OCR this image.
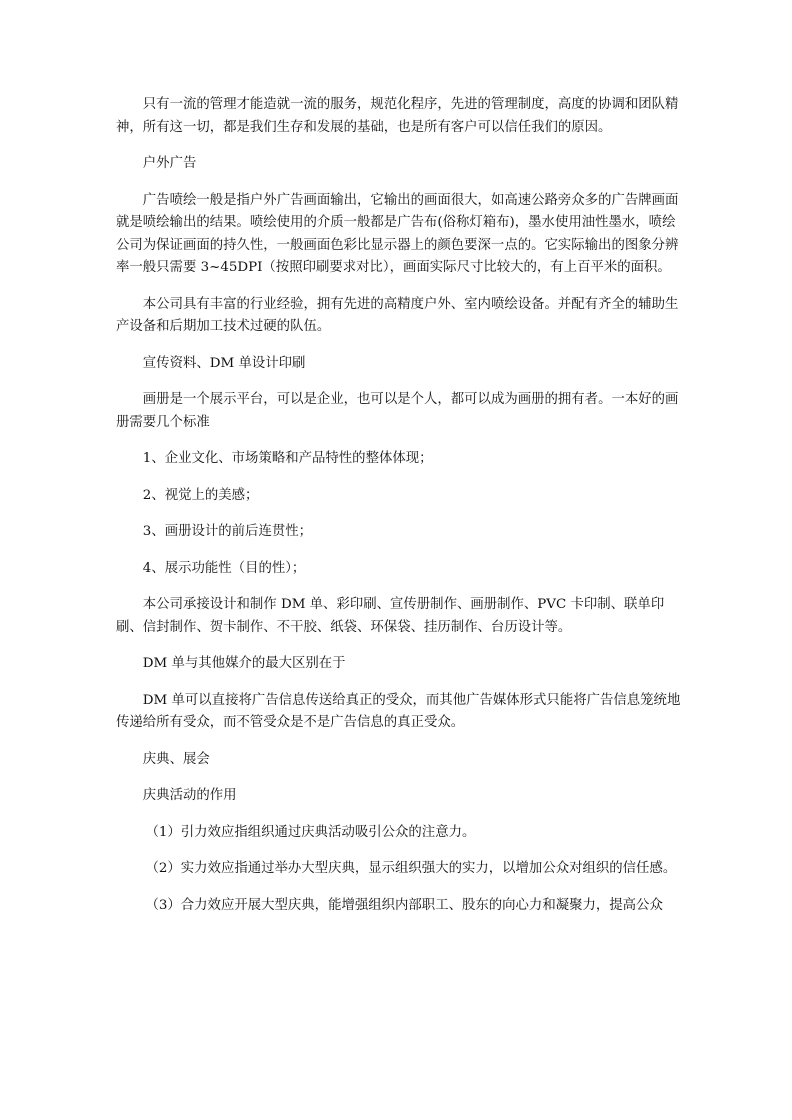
只有一流的管理才能造就一流的服务，规范化程序，先进的管理制度，高度的协调和团队精神，所有这一切，都是我们生存和发展的基础，也是所有客户可以信任我们的原因。

户外广告

广告喷绘一般是指户外广告画面输出，它输出的画面很大，如高速公路旁众多的广告牌画面就是喷绘输出的结果。喷绘使用的介质一般都是广告布(俗称灯箱布)，墨水使用油性墨水，喷绘公司为保证画面的持久性，一般画面色彩比显示器上的颜色要深一点的。它实际输出的图象分辨率一般只需要 3~45DPI（按照印刷要求对比），画面实际尺寸比较大的，有上百平米的面积。

本公司具有丰富的行业经验，拥有先进的高精度户外、室内喷绘设备。并配有齐全的辅助生产设备和后期加工技术过硬的队伍。

宣传资料、DM 单设计印刷

画册是一个展示平台，可以是企业，也可以是个人，都可以成为画册的拥有者。一本好的画册需要几个标准

1、企业文化、市场策略和产品特性的整体体现；

2、视觉上的美感；

3、画册设计的前后连贯性；

4、展示功能性（目的性）；

本公司承接设计和制作 DM 单、彩印刷、宣传册制作、画册制作、PVC 卡印制、联单印刷、信封制作、贺卡制作、不干胶、纸袋、环保袋、挂历制作、台历设计等。

DM 单与其他媒介的最大区别在于

DM 单可以直接将广告信息传送给真正的受众，而其他广告媒体形式只能将广告信息笼统地传递给所有受众，而不管受众是不是广告信息的真正受众。

庆典、展会

庆典活动的作用

（1）引力效应指组织通过庆典活动吸引公众的注意力。

（2）实力效应指通过举办大型庆典，显示组织强大的实力，以增加公众对组织的信任感。

（3）合力效应开展大型庆典，能增强组织内部职工、股东的向心力和凝聚力，提高公众
